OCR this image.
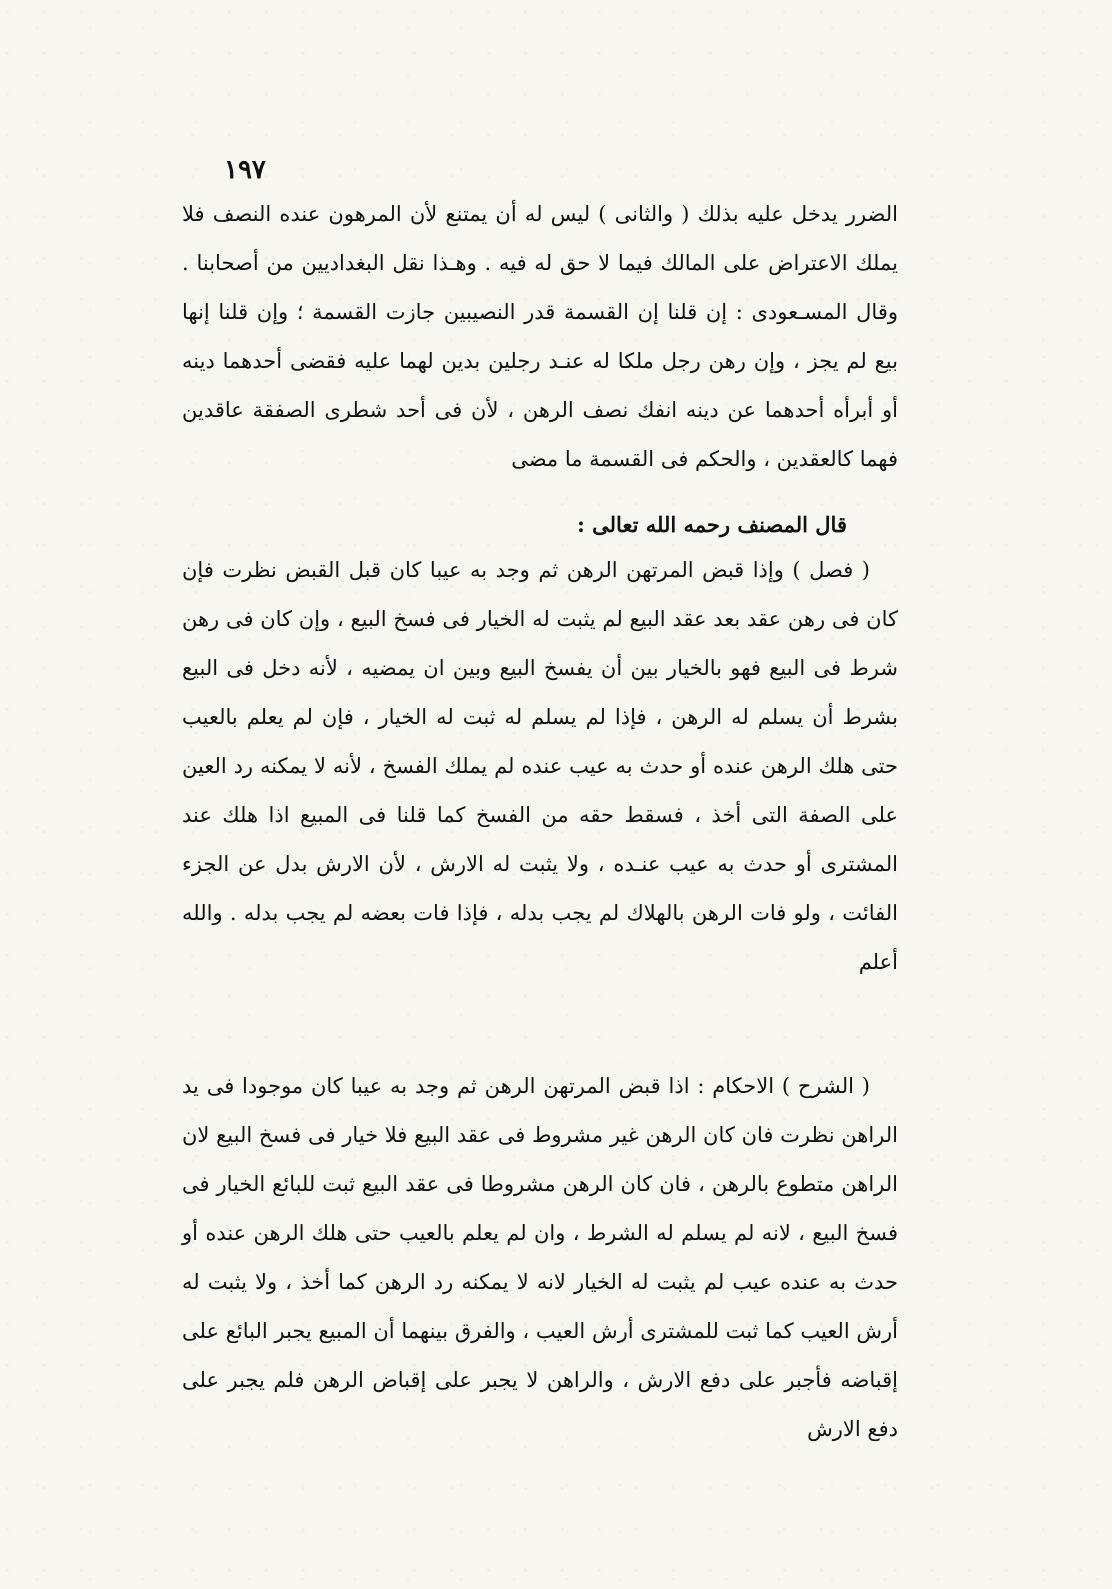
١٩٧

الضرر يدخل عليه بذلك ( والثانى ) ليس له أن يمتنع لأن المرهون عنده النصف فلا يملك الاعتراض على المالك فيما لا حق له فيه . وهـذا نقل البغداديين من أصحابنا . وقال المسـعودى : إن قلنا إن القسمة قدر النصيبين جازت القسمة ؛ وإن قلنا إنها بيع لم يجز ، وإن رهن رجل ملكا له عنـد رجلين بدين لهما عليه فقضى أحدهما دينه أو أبرأه أحدهما عن دينه انفك نصف الرهن ، لأن فى أحد شطرى الصفقة عاقدين فهما كالعقدين ، والحكم فى القسمة ما مضى

قال المصنف رحمه الله تعالى :

( فصل ) وإذا قبض المرتهن الرهن ثم وجد به عيبا كان قبل القبض نظرت فإن كان فى رهن عقد بعد عقد البيع لم يثبت له الخيار فى فسخ البيع ، وإن كان فى رهن شرط فى البيع فهو بالخيار بين أن يفسخ البيع وبين ان يمضيه ، لأنه دخل فى البيع بشرط أن يسلم له الرهن ، فإذا لم يسلم له ثبت له الخيار ، فإن لم يعلم بالعيب حتى هلك الرهن عنده أو حدث به عيب عنده لم يملك الفسخ ، لأنه لا يمكنه رد العين على الصفة التى أخذ ، فسقط حقه من الفسخ كما قلنا فى المبيع اذا هلك عند المشترى أو حدث به عيب عنـده ، ولا يثبت له الارش ، لأن الارش بدل عن الجزء الفائت ، ولو فات الرهن بالهلاك لم يجب بدله ، فإذا فات بعضه لم يجب بدله . والله أعلم

( الشرح ) الاحكام : اذا قبض المرتهن الرهن ثم وجد به عيبا كان موجودا فى يد الراهن نظرت فان كان الرهن غير مشروط فى عقد البيع فلا خيار فى فسخ البيع لان الراهن متطوع بالرهن ، فان كان الرهن مشروطا فى عقد البيع ثبت للبائع الخيار فى فسخ البيع ، لانه لم يسلم له الشرط ، وان لم يعلم بالعيب حتى هلك الرهن عنده أو حدث به عنده عيب لم يثبت له الخيار لانه لا يمكنه رد الرهن كما أخذ ، ولا يثبت له أرش العيب كما ثبت للمشترى أرش العيب ، والفرق بينهما أن المبيع يجبر البائع على إقباضه فأجبر على دفع الارش ، والراهن لا يجبر على إقباض الرهن فلم يجبر على دفع الارش
